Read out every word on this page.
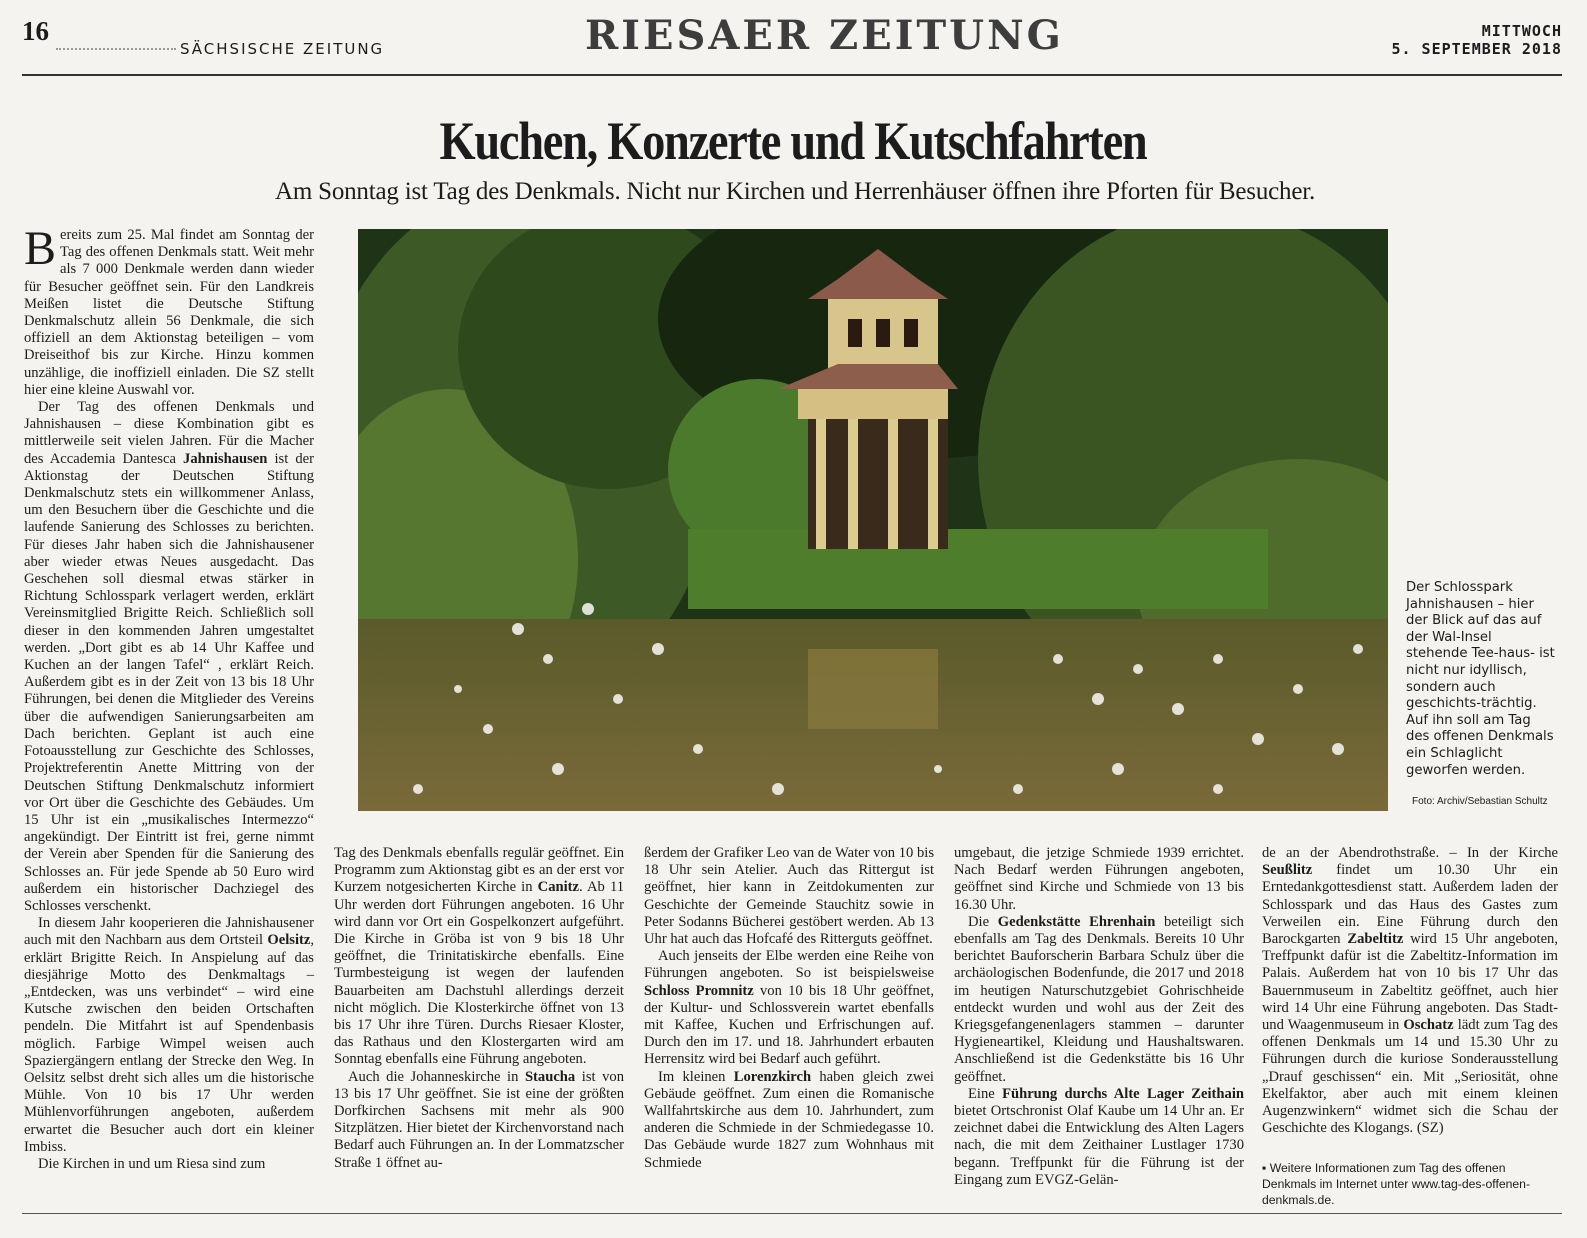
16
SÄCHSISCHE ZEITUNG	RIESAER ZEITUNG	MITTWOCH
5. SEPTEMBER 2018
Kuchen, Konzerte und Kutschfahrten
Am Sonntag ist Tag des Denkmals. Nicht nur Kirchen und Herrenhäuser öffnen ihre Pforten für Besucher.

Bereits zum 25. Mal findet am Sonntag der Tag des offenen Denkmals statt. Weit mehr als 7 000 Denkmale werden dann wieder für Besucher geöffnet sein. Für den Landkreis Meißen listet die Deutsche Stiftung Denkmalschutz allein 56 Denkmale, die sich offiziell an dem Aktionstag beteiligen – vom Dreiseithof bis zur Kirche. Hinzu kommen unzählige, die inoffiziell einladen. Die SZ stellt hier eine kleine Auswahl vor.

Der Tag des offenen Denkmals und Jahnishausen – diese Kombination gibt es mittlerweile seit vielen Jahren. Für die Macher des Accademia Dantesca Jahnishausen ist der Aktionstag der Deutschen Stiftung Denkmalschutz stets ein willkommener Anlass, um den Besuchern über die Geschichte und die laufende Sanierung des Schlosses zu berichten. Für dieses Jahr haben sich die Jahnishausener aber wieder etwas Neues ausgedacht. Das Geschehen soll diesmal etwas stärker in Richtung Schlosspark verlagert werden, erklärt Vereinsmitglied Brigitte Reich. Schließlich soll dieser in den kommenden Jahren umgestaltet werden. „Dort gibt es ab 14 Uhr Kaffee und Kuchen an der langen Tafel“ , erklärt Reich. Außerdem gibt es in der Zeit von 13 bis 18 Uhr Führungen, bei denen die Mitglieder des Vereins über die aufwendigen Sanierungsarbeiten am Dach berichten. Geplant ist auch eine Fotoausstellung zur Geschichte des Schlosses, Projektreferentin Anette Mittring von der Deutschen Stiftung Denkmalschutz informiert vor Ort über die Geschichte des Gebäudes. Um 15 Uhr ist ein „musikalisches Intermezzo“ angekündigt. Der Eintritt ist frei, gerne nimmt der Verein aber Spenden für die Sanierung des Schlosses an. Für jede Spende ab 50 Euro wird außerdem ein historischer Dachziegel des Schlosses verschenkt.

In diesem Jahr kooperieren die Jahnishausener auch mit den Nachbarn aus dem Ortsteil Oelsitz, erklärt Brigitte Reich. In Anspielung auf das diesjährige Motto des Denkmaltags – „Entdecken, was uns verbindet“ – wird eine Kutsche zwischen den beiden Ortschaften pendeln. Die Mitfahrt ist auf Spendenbasis möglich. Farbige Wimpel weisen auch Spaziergängern entlang der Strecke den Weg. In Oelsitz selbst dreht sich alles um die historische Mühle. Von 10 bis 17 Uhr werden Mühlenvorführungen angeboten, außerdem erwartet die Besucher auch dort ein kleiner Imbiss.

Die Kirchen in und um Riesa sind zum

Der Schlosspark Jahnishausen – hier der Blick auf das auf der Wal-Insel stehende Tee-haus- ist nicht nur idyllisch, sondern auch geschichts-trächtig. Auf ihn soll am Tag des offenen Denkmals ein Schlaglicht geworfen werden.
Foto: Archiv/Sebastian Schultz

Tag des Denkmals ebenfalls regulär geöffnet. Ein Programm zum Aktionstag gibt es an der erst vor Kurzem notgesicherten Kirche in Canitz. Ab 11 Uhr werden dort Führungen angeboten. 16 Uhr wird dann vor Ort ein Gospelkonzert aufgeführt. Die Kirche in Gröba ist von 9 bis 18 Uhr geöffnet, die Trinitatiskirche ebenfalls. Eine Turmbesteigung ist wegen der laufenden Bauarbeiten am Dachstuhl allerdings derzeit nicht möglich. Die Klosterkirche öffnet von 13 bis 17 Uhr ihre Türen. Durchs Riesaer Kloster, das Rathaus und den Klostergarten wird am Sonntag ebenfalls eine Führung angeboten.

Auch die Johanneskirche in Staucha ist von 13 bis 17 Uhr geöffnet. Sie ist eine der größten Dorfkirchen Sachsens mit mehr als 900 Sitzplätzen. Hier bietet der Kirchenvorstand nach Bedarf auch Führungen an. In der Lommatzscher Straße 1 öffnet au-

ßerdem der Grafiker Leo van de Water von 10 bis 18 Uhr sein Atelier. Auch das Rittergut ist geöffnet, hier kann in Zeitdokumenten zur Geschichte der Gemeinde Stauchitz sowie in Peter Sodanns Bücherei gestöbert werden. Ab 13 Uhr hat auch das Hofcafé des Ritterguts geöffnet.

Auch jenseits der Elbe werden eine Reihe von Führungen angeboten. So ist beispielsweise Schloss Promnitz von 10 bis 18 Uhr geöffnet, der Kultur- und Schlossverein wartet ebenfalls mit Kaffee, Kuchen und Erfrischungen auf. Durch den im 17. und 18. Jahrhundert erbauten Herrensitz wird bei Bedarf auch geführt.

Im kleinen Lorenzkirch haben gleich zwei Gebäude geöffnet. Zum einen die Romanische Wallfahrtskirche aus dem 10. Jahrhundert, zum anderen die Schmiede in der Schmiedegasse 10. Das Gebäude wurde 1827 zum Wohnhaus mit Schmiede

umgebaut, die jetzige Schmiede 1939 errichtet. Nach Bedarf werden Führungen angeboten, geöffnet sind Kirche und Schmiede von 13 bis 16.30 Uhr.

Die Gedenkstätte Ehrenhain beteiligt sich ebenfalls am Tag des Denkmals. Bereits 10 Uhr berichtet Bauforscherin Barbara Schulz über die archäologischen Bodenfunde, die 2017 und 2018 im heutigen Naturschutzgebiet Gohrischheide entdeckt wurden und wohl aus der Zeit des Kriegsgefangenenlagers stammen – darunter Hygieneartikel, Kleidung und Haushaltswaren. Anschließend ist die Gedenkstätte bis 16 Uhr geöffnet.

Eine Führung durchs Alte Lager Zeithain bietet Ortschronist Olaf Kaube um 14 Uhr an. Er zeichnet dabei die Entwicklung des Alten Lagers nach, die mit dem Zeithainer Lustlager 1730 begann. Treffpunkt für die Führung ist der Eingang zum EVGZ-Gelän-

de an der Abendrothstraße. – In der Kirche Seußlitz findet um 10.30 Uhr ein Erntedankgottesdienst statt. Außerdem laden der Schlosspark und das Haus des Gastes zum Verweilen ein. Eine Führung durch den Barockgarten Zabeltitz wird 15 Uhr angeboten, Treffpunkt dafür ist die Zabeltitz-Information im Palais. Außerdem hat von 10 bis 17 Uhr das Bauernmuseum in Zabeltitz geöffnet, auch hier wird 14 Uhr eine Führung angeboten. Das Stadt- und Waagenmuseum in Oschatz lädt zum Tag des offenen Denkmals um 14 und 15.30 Uhr zu Führungen durch die kuriose Sonderausstellung „Drauf geschissen“ ein. Mit „Seriosität, ohne Ekelfaktor, aber auch mit einem kleinen Augenzwinkern“ widmet sich die Schau der Geschichte des Klogangs. (SZ)

▪ Weitere Informationen zum Tag des offenen Denkmals im Internet unter www.tag-des-offenen-denkmals.de.
